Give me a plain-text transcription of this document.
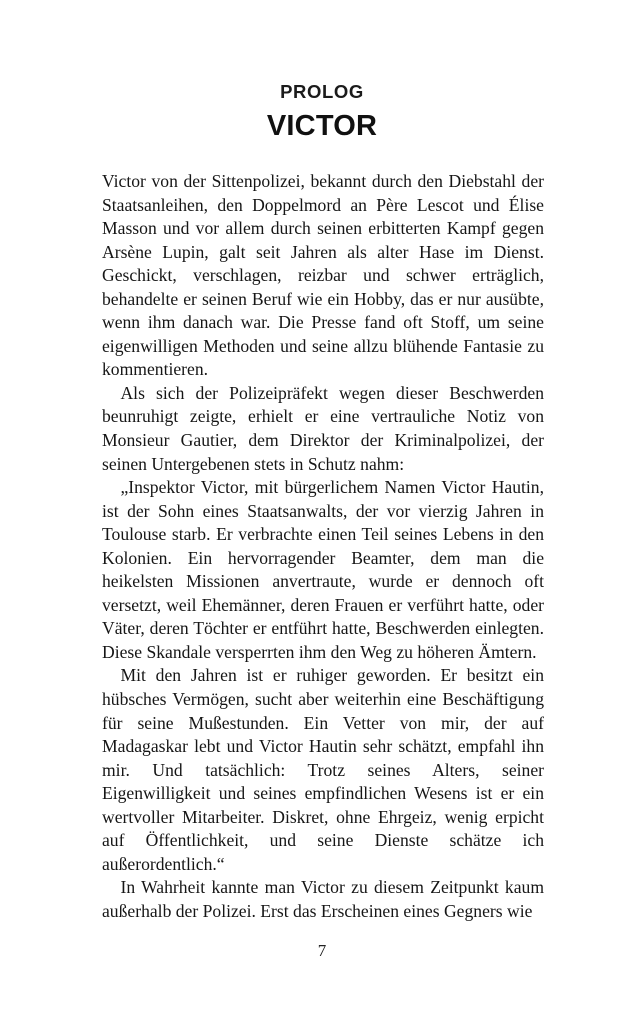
PROLOG
VICTOR

Victor von der Sittenpolizei, bekannt durch den Diebstahl der Staatsanleihen, den Doppelmord an Père Lescot und Élise Masson und vor allem durch seinen erbitterten Kampf gegen Arsène Lupin, galt seit Jahren als alter Hase im Dienst. Geschickt, verschlagen, reizbar und schwer erträglich, behandelte er seinen Beruf wie ein Hobby, das er nur ausübte, wenn ihm danach war. Die Presse fand oft Stoff, um seine eigenwilligen Methoden und seine allzu blühende Fantasie zu kommentieren.

Als sich der Polizeipräfekt wegen dieser Beschwerden beunruhigt zeigte, erhielt er eine vertrauliche Notiz von Monsieur Gautier, dem Direktor der Kriminalpolizei, der seinen Untergebenen stets in Schutz nahm:

„Inspektor Victor, mit bürgerlichem Namen Victor Hautin, ist der Sohn eines Staatsanwalts, der vor vierzig Jahren in Toulouse starb. Er verbrachte einen Teil seines Lebens in den Kolonien. Ein hervorragender Beamter, dem man die heikelsten Missionen anvertraute, wurde er dennoch oft versetzt, weil Ehemänner, deren Frauen er verführt hatte, oder Väter, deren Töchter er entführt hatte, Beschwerden einlegten. Diese Skandale versperrten ihm den Weg zu höheren Ämtern.

Mit den Jahren ist er ruhiger geworden. Er besitzt ein hübsches Vermögen, sucht aber weiterhin eine Beschäftigung für seine Mußestunden. Ein Vetter von mir, der auf Madagaskar lebt und Victor Hautin sehr schätzt, empfahl ihn mir. Und tatsächlich: Trotz seines Alters, seiner Eigenwilligkeit und seines empfindlichen Wesens ist er ein wertvoller Mitarbeiter. Diskret, ohne Ehrgeiz, wenig erpicht auf Öffentlichkeit, und seine Dienste schätze ich außerordentlich.“

In Wahrheit kannte man Victor zu diesem Zeitpunkt kaum außerhalb der Polizei. Erst das Erscheinen eines Gegners wie

7
